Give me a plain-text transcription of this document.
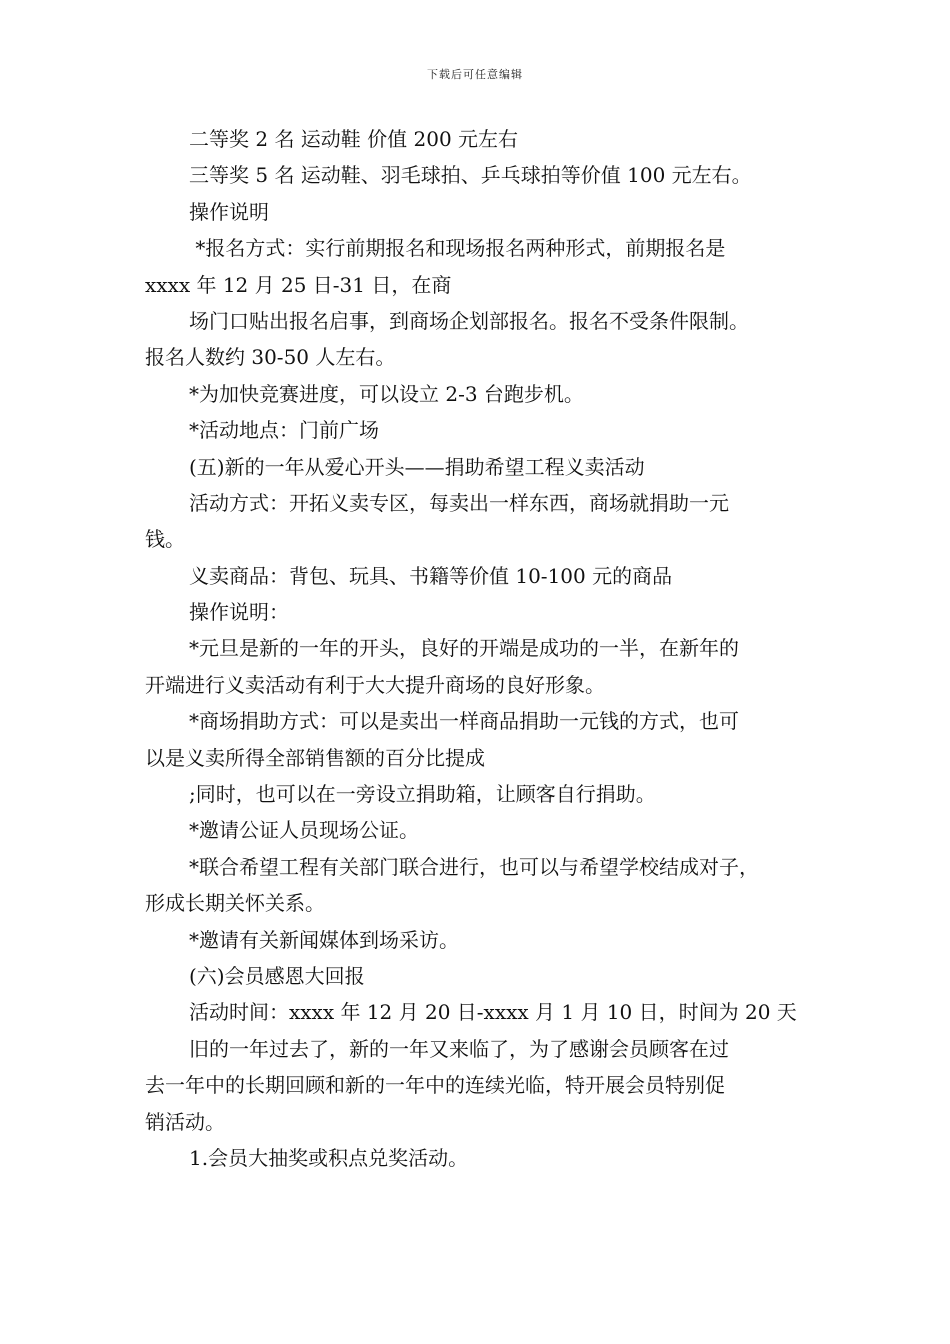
下载后可任意编辑
二等奖 2 名 运动鞋 价值 200 元左右
三等奖 5 名 运动鞋、羽毛球拍、乒乓球拍等价值 100 元左右。
操作说明
*报名方式：实行前期报名和现场报名两种形式，前期报名是
xxxx 年 12 月 25 日-31 日，在商
场门口贴出报名启事，到商场企划部报名。报名不受条件限制。
报名人数约 30-50 人左右。
*为加快竞赛进度，可以设立 2-3 台跑步机。
*活动地点：门前广场
(五)新的一年从爱心开头——捐助希望工程义卖活动
活动方式：开拓义卖专区，每卖出一样东西，商场就捐助一元
钱。
义卖商品：背包、玩具、书籍等价值 10-100 元的商品
操作说明：
*元旦是新的一年的开头，良好的开端是成功的一半，在新年的
开端进行义卖活动有利于大大提升商场的良好形象。
*商场捐助方式：可以是卖出一样商品捐助一元钱的方式，也可
以是义卖所得全部销售额的百分比提成
;同时，也可以在一旁设立捐助箱，让顾客自行捐助。
*邀请公证人员现场公证。
*联合希望工程有关部门联合进行，也可以与希望学校结成对子，
形成长期关怀关系。
*邀请有关新闻媒体到场采访。
(六)会员感恩大回报
活动时间：xxxx 年 12 月 20 日-xxxx 月 1 月 10 日，时间为 20 天
旧的一年过去了，新的一年又来临了，为了感谢会员顾客在过
去一年中的长期回顾和新的一年中的连续光临，特开展会员特别促
销活动。
1.会员大抽奖或积点兑奖活动。
